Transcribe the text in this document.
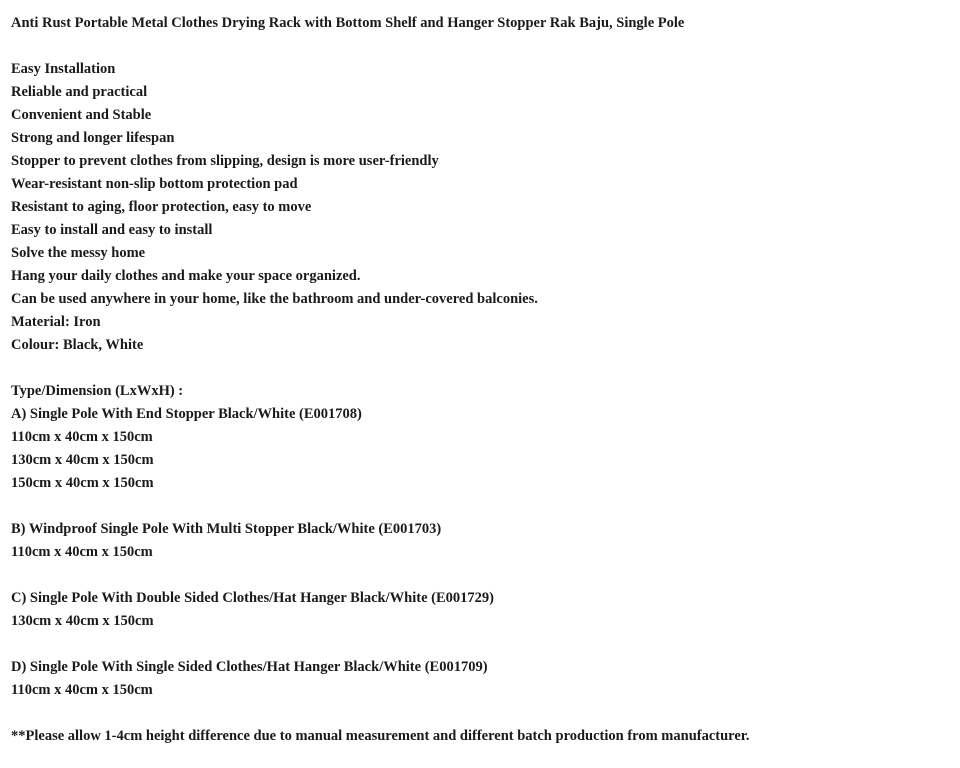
Anti Rust Portable Metal Clothes Drying Rack with Bottom Shelf and Hanger Stopper Rak Baju, Single Pole
Easy Installation
Reliable and practical
Convenient and Stable
Strong and longer lifespan
Stopper to prevent clothes from slipping, design is more user-friendly
Wear-resistant non-slip bottom protection pad
Resistant to aging, floor protection, easy to move
Easy to install and easy to install
Solve the messy home
Hang your daily clothes and make your space organized.
Can be used anywhere in your home, like the bathroom and under-covered balconies.
Material: Iron
Colour: Black, White
Type/Dimension (LxWxH) :
A) Single Pole With End Stopper Black/White (E001708)
110cm x 40cm x 150cm
130cm x 40cm x 150cm
150cm x 40cm x 150cm
B) Windproof Single Pole With Multi Stopper Black/White (E001703)
110cm x 40cm x 150cm
C) Single Pole With Double Sided Clothes/Hat Hanger Black/White (E001729)
130cm x 40cm x 150cm
D) Single Pole With Single Sided Clothes/Hat Hanger Black/White (E001709)
110cm x 40cm x 150cm
**Please allow 1-4cm height difference due to manual measurement and different batch production from manufacturer.
